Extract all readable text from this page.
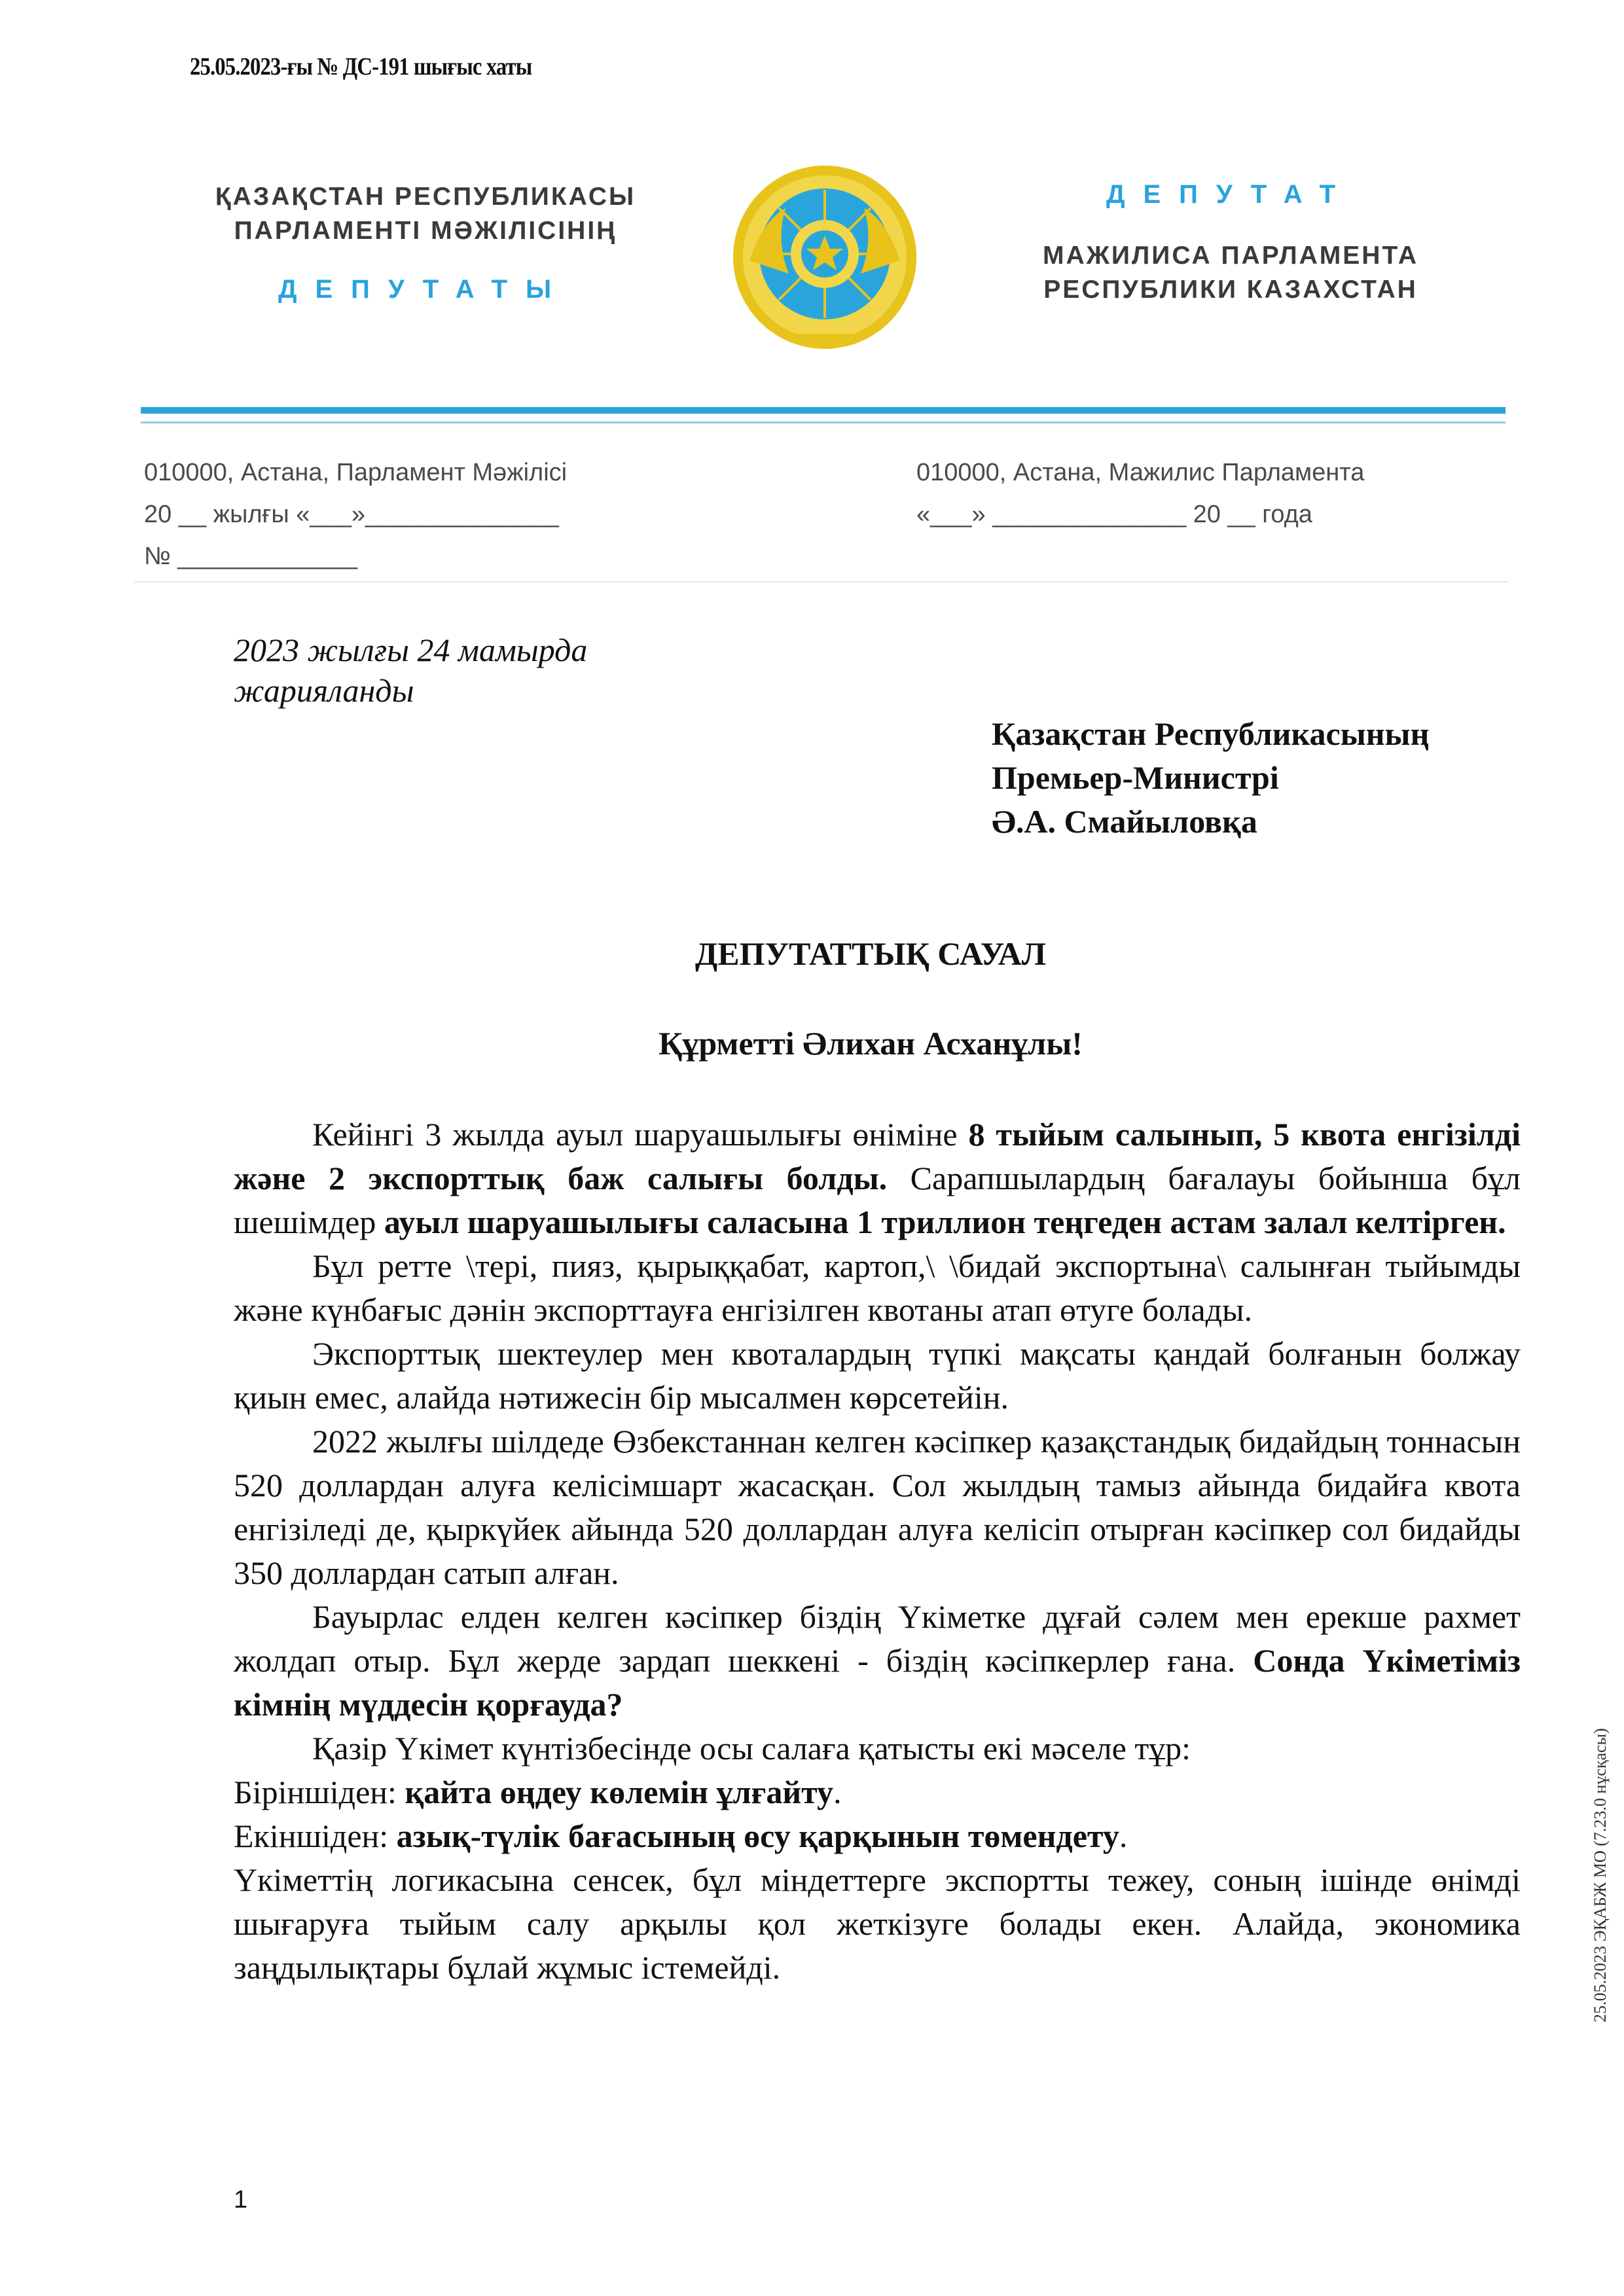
25.05.2023-ғы № ДС-191 шығыс хаты
ҚАЗАҚСТАН РЕСПУБЛИКАСЫ
ПАРЛАМЕНТІ МӘЖІЛІСІНІҢ
ДЕПУТАТЫ
ДЕПУТАТ
МАЖИЛИСА ПАРЛАМЕНТА
РЕСПУБЛИКИ КАЗАХСТАН
010000, Астана, Парламент Мәжілісі
20 __ жылғы «___»______________
№ _____________
010000, Астана, Мажилис Парламента
«___» ______________ 20 __ года
2023 жылғы 24 мамырда
жарияланды
Қазақстан Республикасының
Премьер-Министрі
Ә.А. Смайыловқа
ДЕПУТАТТЫҚ САУАЛ
Құрметті Әлихан Асханұлы!

Кейінгі 3 жылда ауыл шаруашылығы өніміне 8 тыйым салынып, 5 квота енгізілді және 2 экспорттық баж салығы болды. Сарапшылардың бағалауы бойынша бұл шешімдер ауыл шаруашылығы саласына 1 триллион теңгеден астам залал келтірген.

Бұл ретте \тері, пияз, қырыққабат, картоп,\ \бидай экспортына\ салынған тыйымды және күнбағыс дәнін экспорттауға енгізілген квотаны атап өтуге болады.

Экспорттық шектеулер мен квоталардың түпкі мақсаты қандай болғанын болжау қиын емес, алайда нәтижесін бір мысалмен көрсетейін.

2022 жылғы шілдеде Өзбекстаннан келген кәсіпкер қазақстандық бидайдың тоннасын 520 доллардан алуға келісімшарт жасасқан. Сол жылдың тамыз айында бидайға квота енгізіледі де, қыркүйек айында 520 доллардан алуға келісіп отырған кәсіпкер сол бидайды 350 доллардан сатып алған.

Бауырлас елден келген кәсіпкер біздің Үкіметке дұғай сәлем мен ерекше рахмет жолдап отыр. Бұл жерде зардап шеккені - біздің кәсіпкерлер ғана. Сонда Үкіметіміз кімнің мүддесін қорғауда?

Қазір Үкімет күнтізбесінде осы салаға қатысты екі мәселе тұр:

Біріншіден: қайта өңдеу көлемін ұлғайту.

Екіншіден: азық-түлік бағасының өсу қарқынын төмендету.

Үкіметтің логикасына сенсек, бұл міндеттерге экспортты тежеу, соның ішінде өнімді шығаруға тыйым салу арқылы қол жеткізуге болады екен. Алайда, экономика заңдылықтары бұлай жұмыс істемейді.	25.05.2023 ЭҚАБЖ МО (7.23.0 нұсқасы)
1
